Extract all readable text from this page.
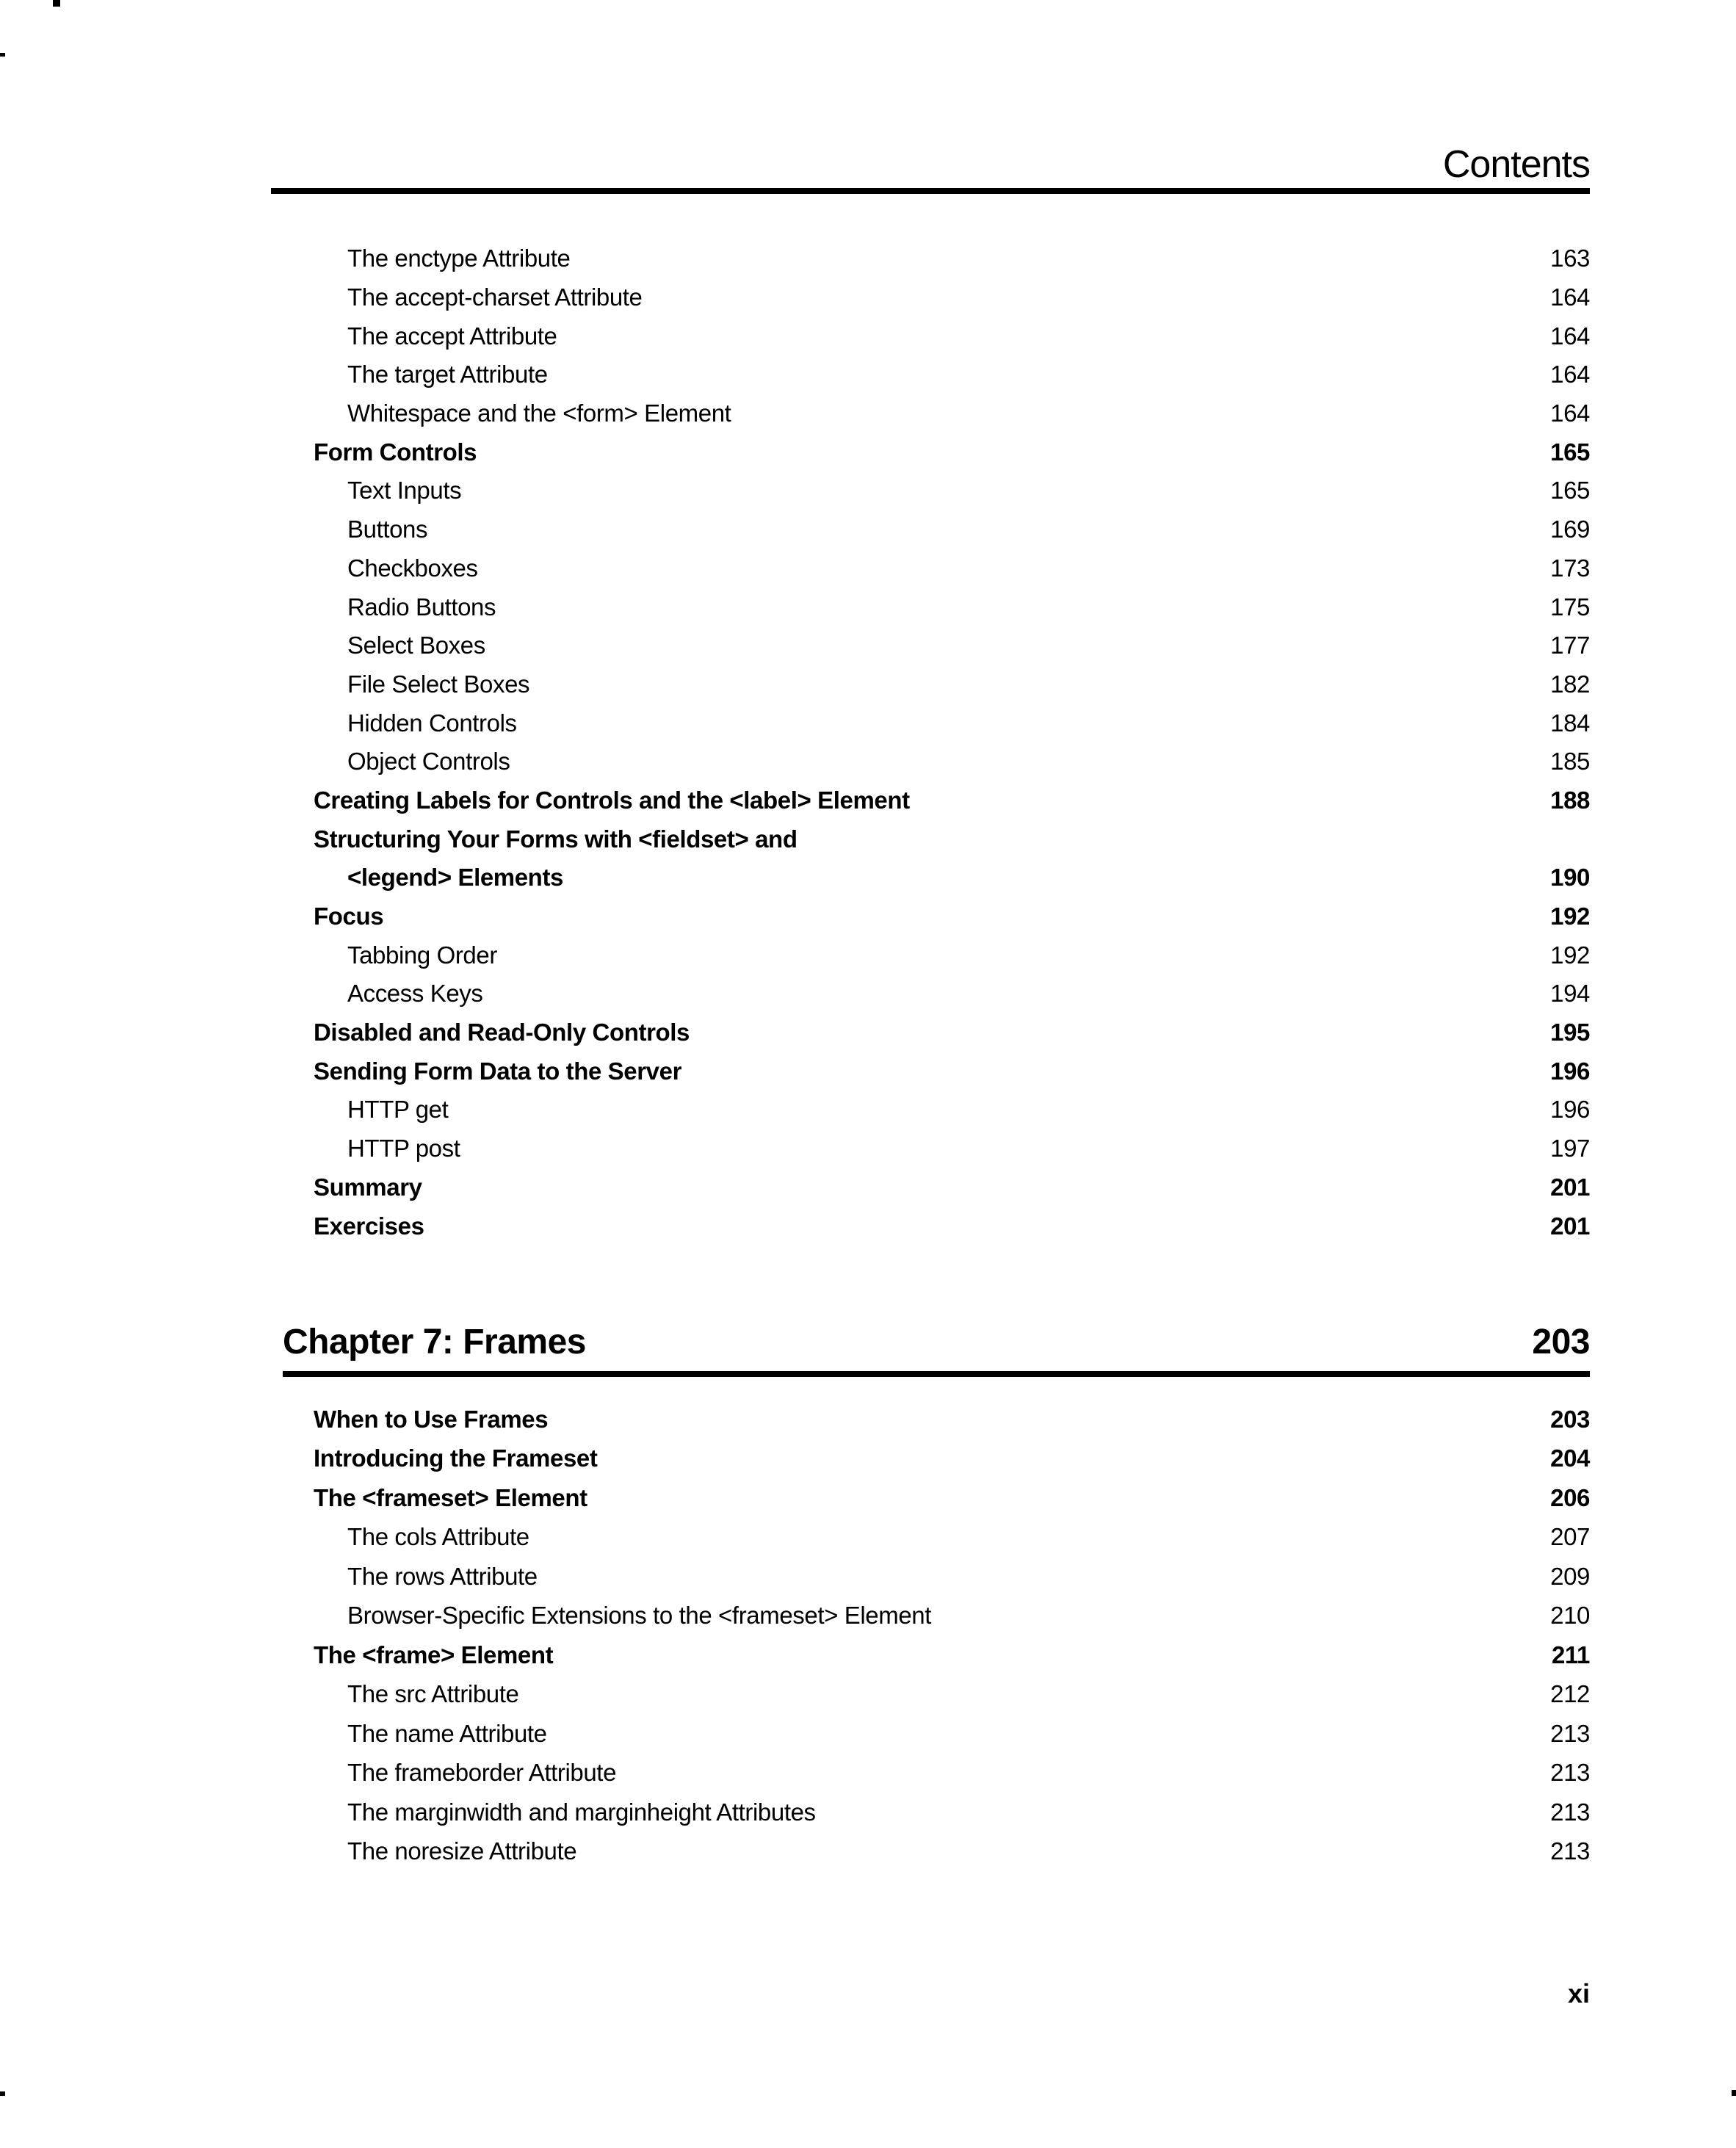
Contents
The enctype Attribute	163
The accept-charset Attribute	164
The accept Attribute	164
The target Attribute	164
Whitespace and the <form> Element	164
Form Controls	165
Text Inputs	165
Buttons	169
Checkboxes	173
Radio Buttons	175
Select Boxes	177
File Select Boxes	182
Hidden Controls	184
Object Controls	185
Creating Labels for Controls and the <label> Element	188
Structuring Your Forms with <fieldset> and
<legend> Elements	190
Focus	192
Tabbing Order	192
Access Keys	194
Disabled and Read-Only Controls	195
Sending Form Data to the Server	196
HTTP get	196
HTTP post	197
Summary	201
Exercises	201
Chapter 7: Frames	203
When to Use Frames	203
Introducing the Frameset	204
The <frameset> Element	206
The cols Attribute	207
The rows Attribute	209
Browser-Specific Extensions to the <frameset> Element	210
The <frame> Element	211
The src Attribute	212
The name Attribute	213
The frameborder Attribute	213
The marginwidth and marginheight Attributes	213
The noresize Attribute	213
xi
